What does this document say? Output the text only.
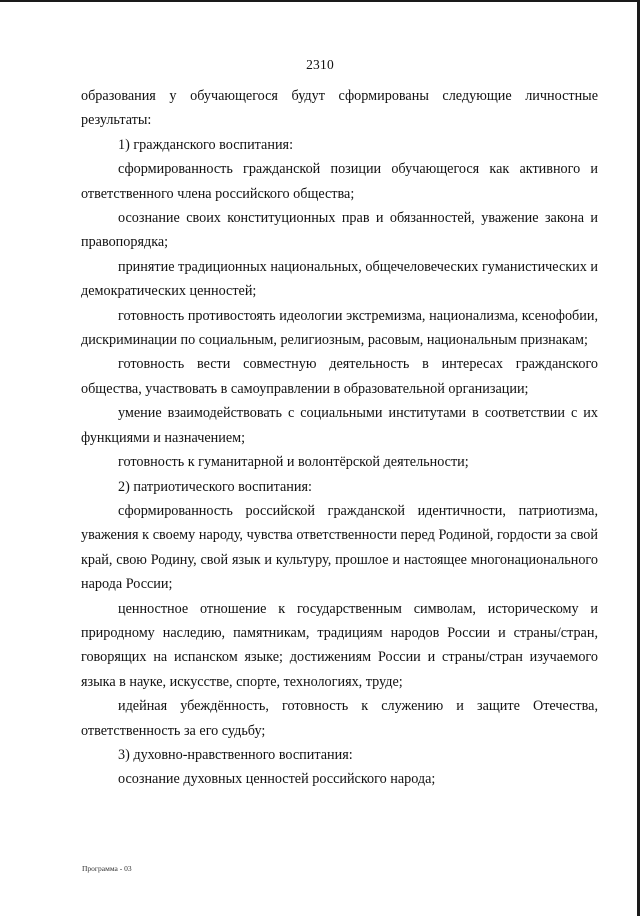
2310

образования у обучающегося будут сформированы следующие личностные результаты:

1) гражданского воспитания:

сформированность гражданской позиции обучающегося как активного и ответственного члена российского общества;

осознание своих конституционных прав и обязанностей, уважение закона и правопорядка;

принятие традиционных национальных, общечеловеческих гуманистических и демократических ценностей;

готовность противостоять идеологии экстремизма, национализма, ксенофобии, дискриминации по социальным, религиозным, расовым, национальным признакам;

готовность вести совместную деятельность в интересах гражданского общества, участвовать в самоуправлении в образовательной организации;

умение взаимодействовать с социальными институтами в соответствии с их функциями и назначением;

готовность к гуманитарной и волонтёрской деятельности;

2) патриотического воспитания:

сформированность российской гражданской идентичности, патриотизма, уважения к своему народу, чувства ответственности перед Родиной, гордости за свой край, свою Родину, свой язык и культуру, прошлое и настоящее многонационального народа России;

ценностное отношение к государственным символам, историческому и природному наследию, памятникам, традициям народов России и страны/стран, говорящих на испанском языке; достижениям России и страны/стран изучаемого языка в науке, искусстве, спорте, технологиях, труде;

идейная убеждённость, готовность к служению и защите Отечества, ответственность за его судьбу;

3) духовно-нравственного воспитания:

осознание духовных ценностей российского народа;

Программа - 03
